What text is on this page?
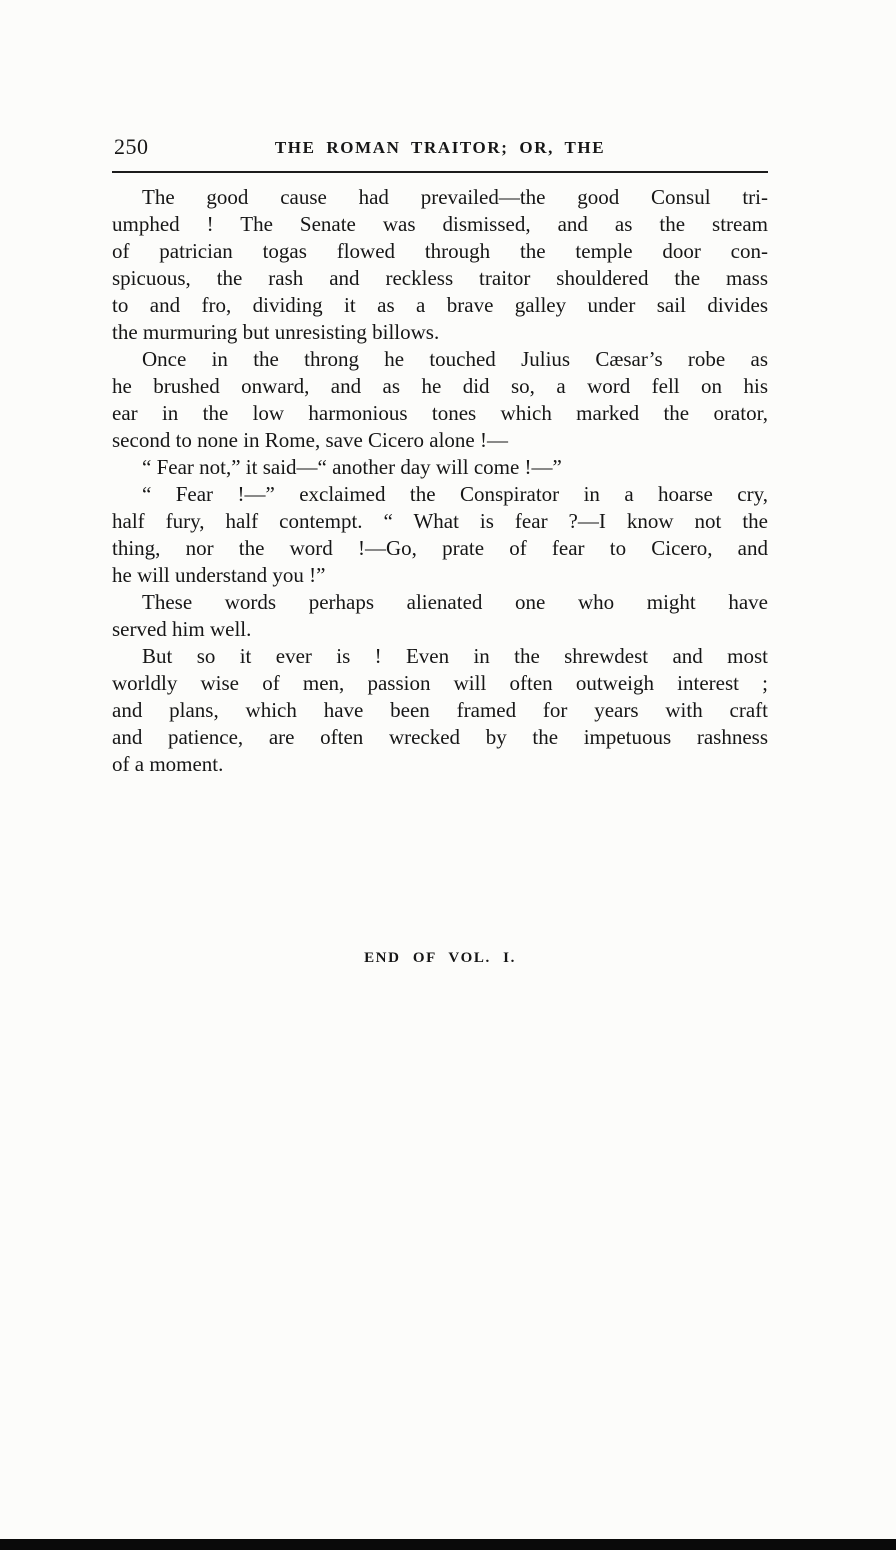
250	THE ROMAN TRAITOR; OR, THE
The good cause had prevailed—the good Consul tri-
umphed ! The Senate was dismissed, and as the stream
of patrician togas flowed through the temple door con-
spicuous, the rash and reckless traitor shouldered the mass
to and fro, dividing it as a brave galley under sail divides
the murmuring but unresisting billows.
Once in the throng he touched Julius Cæsar’s robe as
he brushed onward, and as he did so, a word fell on his
ear in the low harmonious tones which marked the orator,
second to none in Rome, save Cicero alone !—
“ Fear not,” it said—“ another day will come !—”
“ Fear !—” exclaimed the Conspirator in a hoarse cry,
half fury, half contempt. “ What is fear ?—I know not the
thing, nor the word !—Go, prate of fear to Cicero, and
he will understand you !”
These words perhaps alienated one who might have
served him well.
But so it ever is ! Even in the shrewdest and most
worldly wise of men, passion will often outweigh interest ;
and plans, which have been framed for years with craft
and patience, are often wrecked by the impetuous rashness
of a moment.
END OF VOL. I.
